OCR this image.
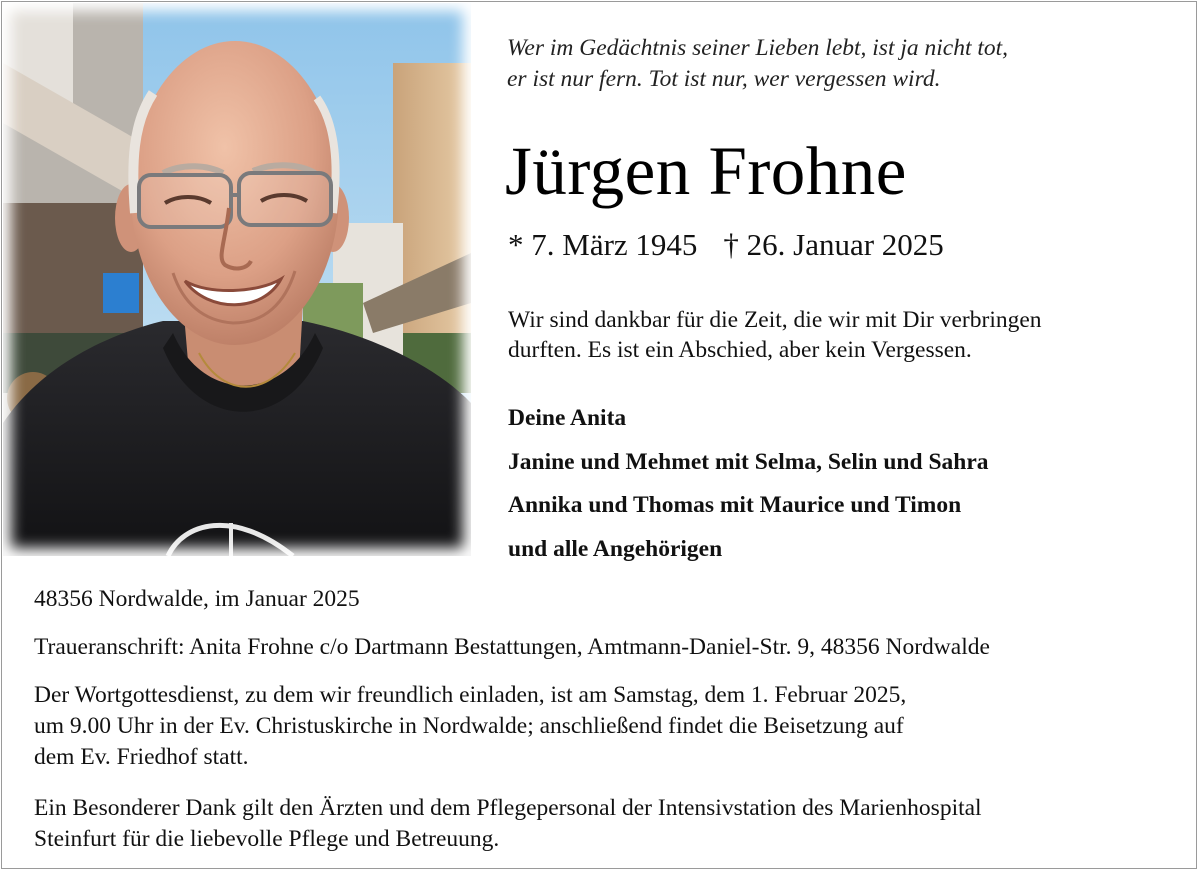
Wer im Gedächtnis seiner Lieben lebt, ist ja nicht tot,
er ist nur fern. Tot ist nur, wer vergessen wird.

Jürgen Frohne
* 7. März 1945 † 26. Januar 2025

Wir sind dankbar für die Zeit, die wir mit Dir verbringen
durften. Es ist ein Abschied, aber kein Vergessen.

Deine Anita
Janine und Mehmet mit Selma, Selin und Sahra
Annika und Thomas mit Maurice und Timon
und alle Angehörigen

48356 Nordwalde, im Januar 2025

Traueranschrift: Anita Frohne c/o Dartmann Bestattungen, Amtmann-Daniel-Str. 9, 48356 Nordwalde

Der Wortgottesdienst, zu dem wir freundlich einladen, ist am Samstag, dem 1. Februar 2025,
um 9.00 Uhr in der Ev. Christuskirche in Nordwalde; anschließend findet die Beisetzung auf
dem Ev. Friedhof statt.

Ein Besonderer Dank gilt den Ärzten und dem Pflegepersonal der Intensivstation des Marienhospital
Steinfurt für die liebevolle Pflege und Betreuung.
